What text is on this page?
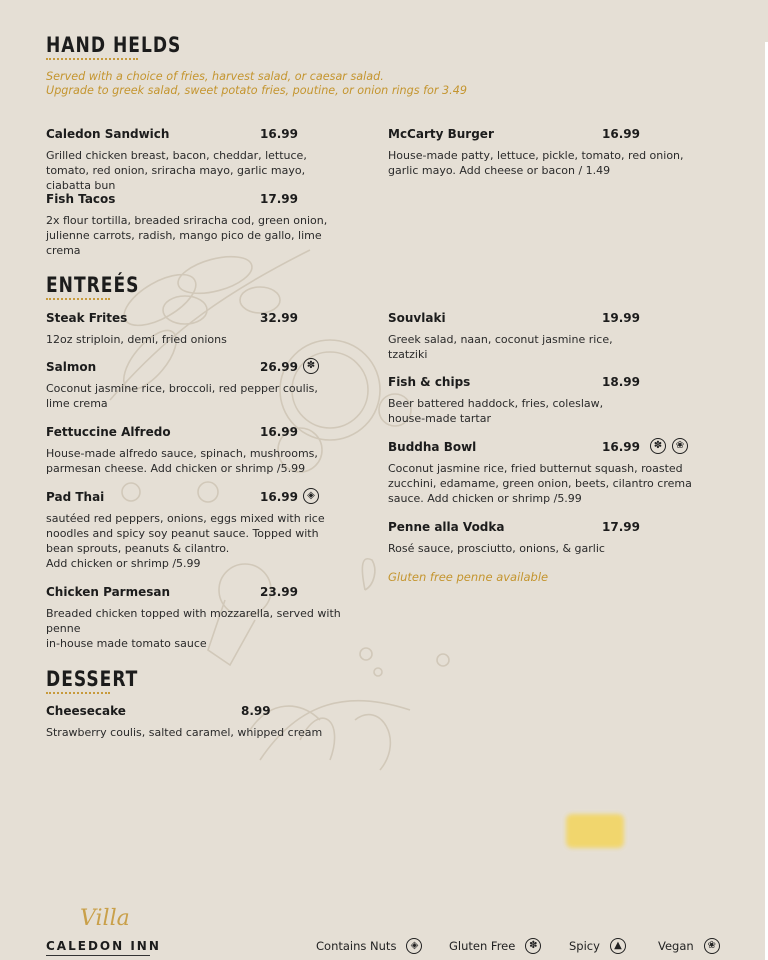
HAND HELDS
Served with a choice of fries, harvest salad, or caesar salad.
Upgrade to greek salad, sweet potato fries, poutine, or onion rings for 3.49
Caledon Sandwich	16.99
Grilled chicken breast, bacon, cheddar, lettuce,
tomato, red onion, sriracha mayo, garlic mayo, ciabatta bun
McCarty Burger	16.99
House-made patty, lettuce, pickle, tomato, red onion,
garlic mayo. Add cheese or bacon / 1.49
Fish Tacos	17.99
2x flour tortilla, breaded sriracha cod, green onion,
julienne carrots, radish, mango pico de gallo, lime crema
ENTREÉS
Steak Frites	32.99
12oz striploin, demi, fried onions
Salmon	26.99 ✽
Coconut jasmine rice, broccoli, red pepper coulis,
lime crema
Fettuccine Alfredo	16.99
House-made alfredo sauce, spinach, mushrooms,
parmesan cheese. Add chicken or shrimp /5.99
Pad Thai	16.99 ◈
sautéed red peppers, onions, eggs mixed with rice
noodles and spicy soy peanut sauce. Topped with
bean sprouts, peanuts & cilantro.
Add chicken or shrimp /5.99
Chicken Parmesan	23.99
Breaded chicken topped with mozzarella, served with penne
in-house made tomato sauce
Souvlaki	19.99
Greek salad, naan, coconut jasmine rice,
tzatziki
Fish & chips	18.99
Beer battered haddock, fries, coleslaw,
house-made tartar
Buddha Bowl	16.99	✽	❀
Coconut jasmine rice, fried butternut squash, roasted
zucchini, edamame, green onion, beets, cilantro crema
sauce. Add chicken or shrimp /5.99
Penne alla Vodka	17.99
Rosé sauce, prosciutto, onions, & garlic
Gluten free penne available
DESSERT
Cheesecake	8.99
Strawberry coulis, salted caramel, whipped cream
Villa
CALEDON INN	Contains Nuts	◈	Gluten Free	✽	Spicy	▲	Vegan	❀
